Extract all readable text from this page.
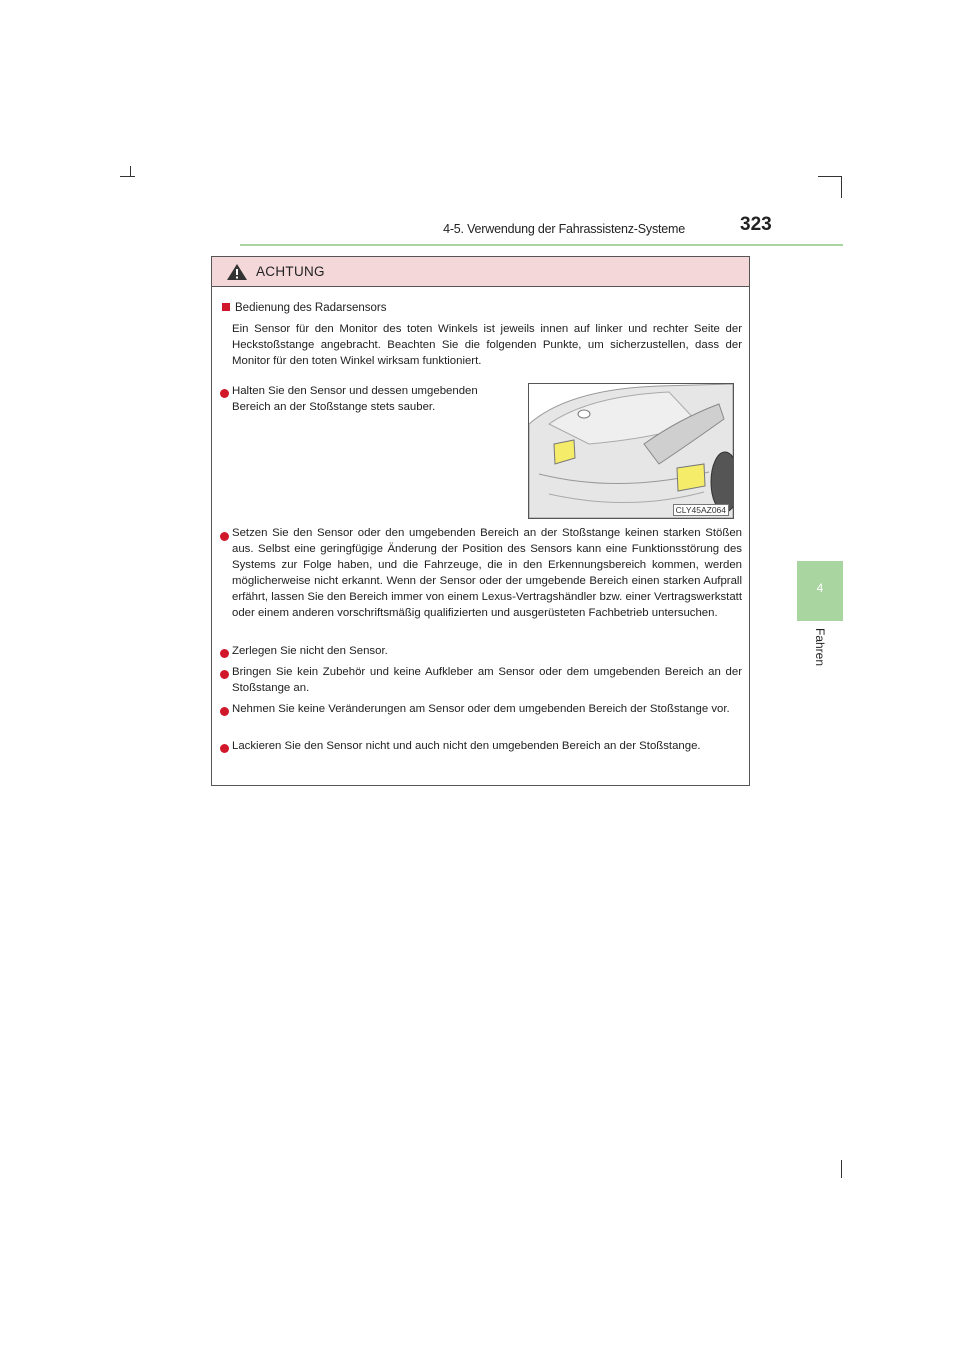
4-5. Verwendung der Fahrassistenz-Systeme	323
4
Fahren
ACHTUNG
Bedienung des Radarsensors
Ein Sensor für den Monitor des toten Winkels ist jeweils innen auf linker und rechter Seite der Heckstoßstange angebracht. Beachten Sie die folgenden Punkte, um sicherzustellen, dass der Monitor für den toten Winkel wirksam funktioniert.
Halten Sie den Sensor und dessen umgebenden Bereich an der Stoßstange stets sauber.
CLY45AZ064
Setzen Sie den Sensor oder den umgebenden Bereich an der Stoßstange keinen starken Stößen aus. Selbst eine geringfügige Änderung der Position des Sensors kann eine Funktionsstörung des Systems zur Folge haben, und die Fahrzeuge, die in den Erkennungsbereich kommen, werden möglicherweise nicht erkannt. Wenn der Sensor oder der umgebende Bereich einen starken Aufprall erfährt, lassen Sie den Bereich immer von einem Lexus-Vertragshändler bzw. einer Vertragswerkstatt oder einem anderen vorschriftsmäßig qualifizierten und ausgerüsteten Fachbetrieb untersuchen.
Zerlegen Sie nicht den Sensor.
Bringen Sie kein Zubehör und keine Aufkleber am Sensor oder dem umgebenden Bereich an der Stoßstange an.
Nehmen Sie keine Veränderungen am Sensor oder dem umgebenden Bereich der Stoßstange vor.
Lackieren Sie den Sensor nicht und auch nicht den umgebenden Bereich an der Stoßstange.
